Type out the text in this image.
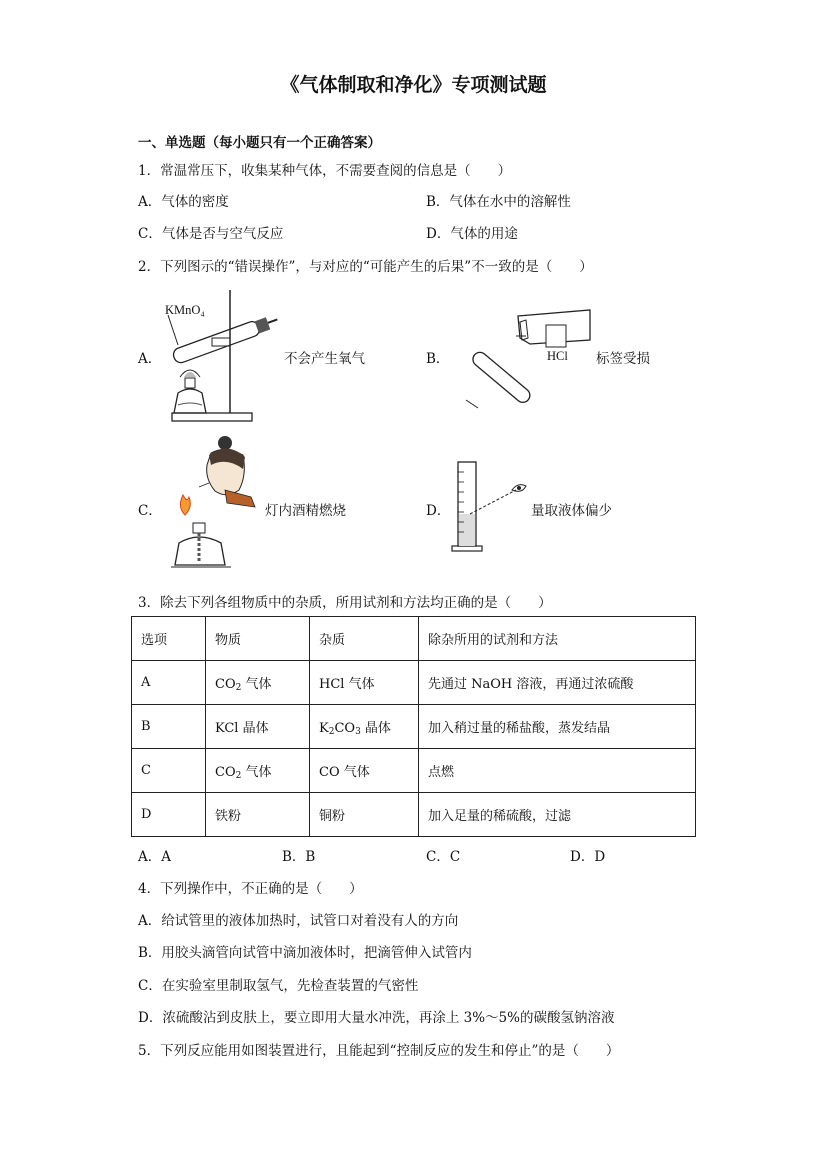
《气体制取和净化》专项测试题
一、单选题（每小题只有一个正确答案）
1．常温常压下，收集某种气体，不需要查阅的信息是（　　）
A．气体的密度	B．气体在水中的溶解性
C．气体是否与空气反应	D．气体的用途
2．下列图示的“错误操作”，与对应的“可能产生的后果”不一致的是（　　）
A．
KMnO₄
不会产生氧气	B．	HCl 标签受损
C．	灯内酒精燃烧	D．	量取液体偏少
3．除去下列各组物质中的杂质，所用试剂和方法均正确的是（　　）
选项	物质	杂质	除杂所用的试剂和方法
A	$CO_2$ 气体	HCl 气体	先通过 NaOH 溶液，再通过浓硫酸
B	KCl 晶体	$K_2CO_3$ 晶体	加入稍过量的稀盐酸，蒸发结晶
C	$CO_2$ 气体	CO 气体	点燃
D	铁粉	铜粉	加入足量的稀硫酸，过滤
A．A	B．B	C．C	D．D
4．下列操作中，不正确的是（　　）
A．给试管里的液体加热时，试管口对着没有人的方向
B．用胶头滴管向试管中滴加液体时，把滴管伸入试管内
C．在实验室里制取氢气，先检查装置的气密性
D．浓硫酸沾到皮肤上，要立即用大量水冲洗，再涂上 3%～5%的碳酸氢钠溶液
5．下列反应能用如图装置进行，且能起到“控制反应的发生和停止”的是（　　）
